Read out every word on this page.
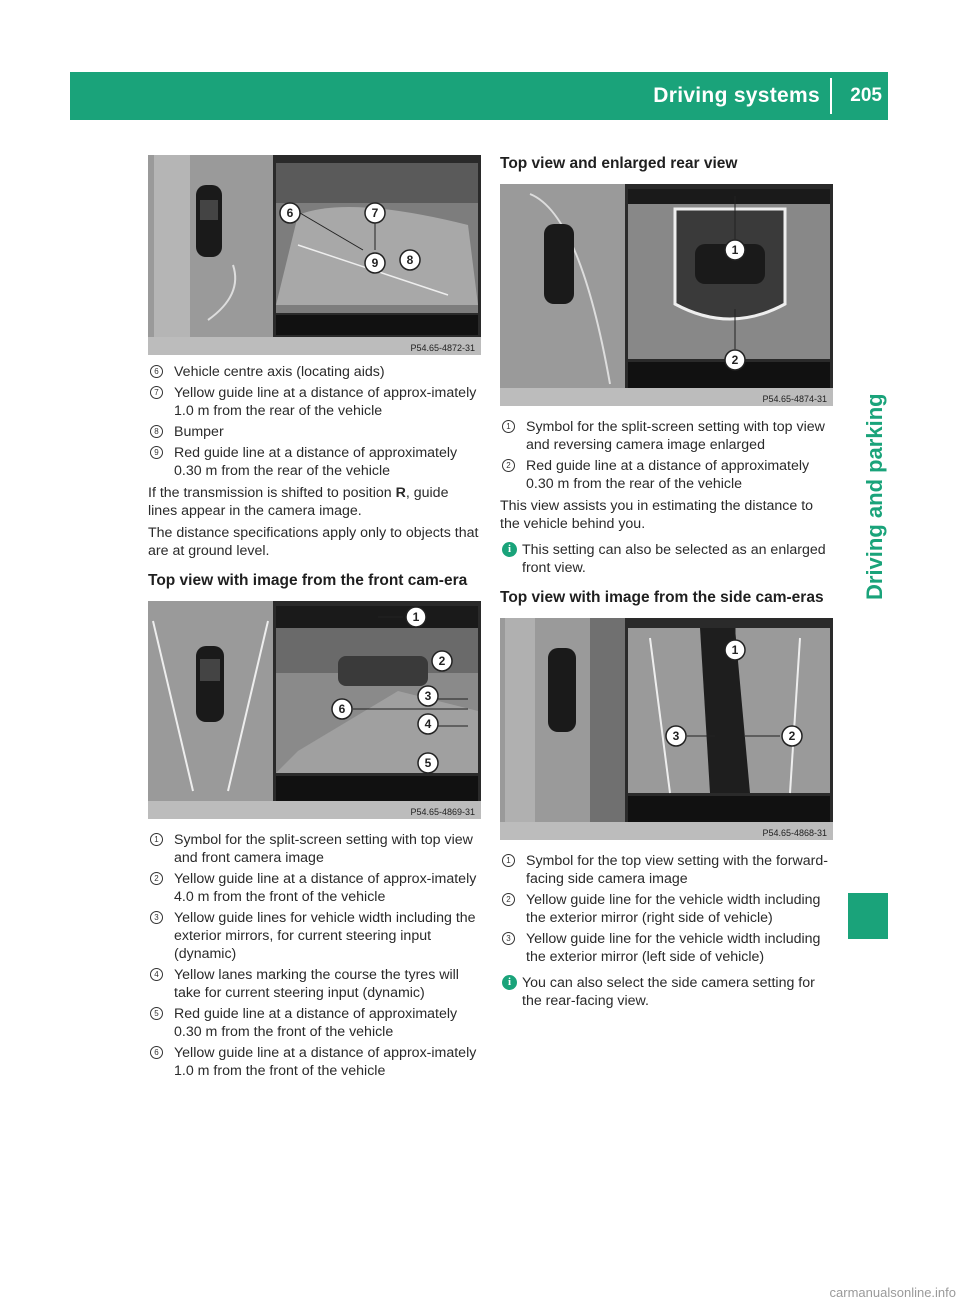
Driving systems 205
Driving and parking
6	7
9 8
P54.65-4872-31
6	Vehicle centre axis (locating aids)
7	Yellow guide line at a distance of approx-imately 1.0 m from the rear of the vehicle
8	Bumper
9	Red guide line at a distance of approximately 0.30 m from the rear of the vehicle

If the transmission is shifted to position R, guide lines appear in the camera image.

The distance specifications apply only to objects that are at ground level.

Top view with image from the front cam-era
1
2
3
6
4
5
P54.65-4869-31
1	Symbol for the split-screen setting with top view and front camera image
2	Yellow guide line at a distance of approx-imately 4.0 m from the front of the vehicle
3	Yellow guide lines for vehicle width including the exterior mirrors, for current steering input (dynamic)
4	Yellow lanes marking the course the tyres will take for current steering input (dynamic)
5	Red guide line at a distance of approximately 0.30 m from the front of the vehicle
6	Yellow guide line at a distance of approx-imately 1.0 m from the front of the vehicle
Top view and enlarged rear view
1
2
P54.65-4874-31
1	Symbol for the split-screen setting with top view and reversing camera image enlarged
2	Red guide line at a distance of approximately 0.30 m from the rear of the vehicle

This view assists you in estimating the distance to the vehicle behind you.

i This setting can also be selected as an enlarged front view.
Top view with image from the side cam-eras
1
3	2
P54.65-4868-31
1	Symbol for the top view setting with the forward-facing side camera image
2	Yellow guide line for the vehicle width including the exterior mirror (right side of vehicle)
3	Yellow guide line for the vehicle width including the exterior mirror (left side of vehicle)
i You can also select the side camera setting for the rear-facing view.
carmanualsonline.info
